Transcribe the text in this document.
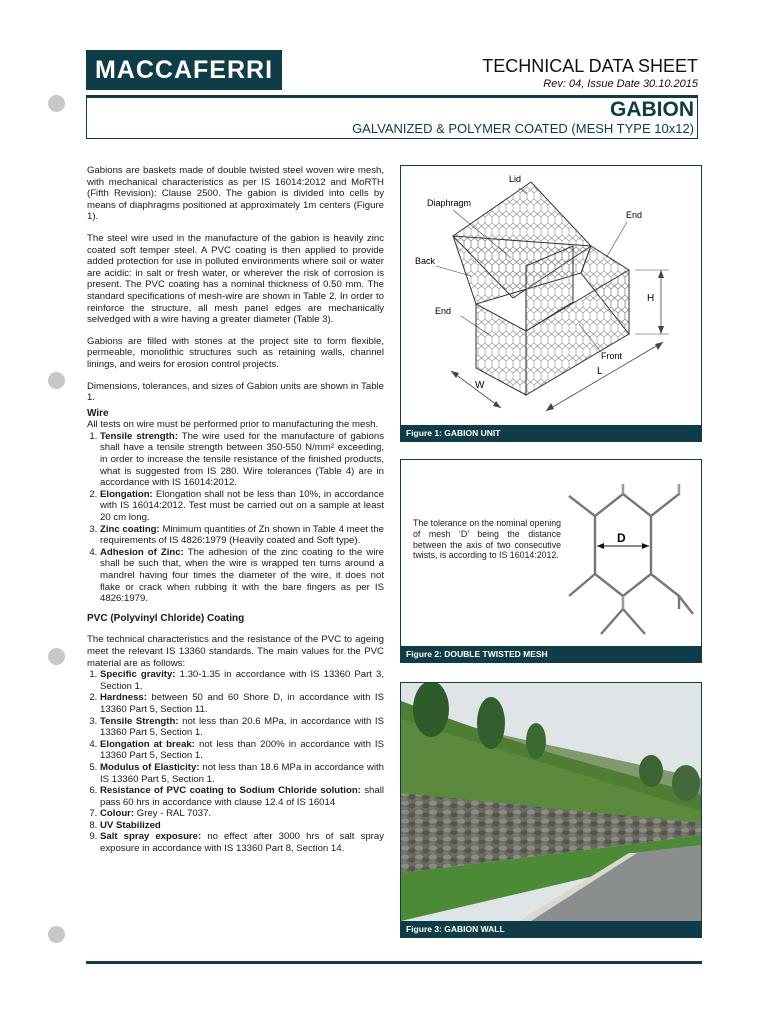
MACCAFERRI	TECHNICAL DATA SHEET
Rev: 04, Issue Date 30.10.2015
GABION
GALVANIZED & POLYMER COATED (MESH TYPE 10x12)

Gabions are baskets made of double twisted steel woven wire mesh, with mechanical characteristics as per IS 16014:2012 and MoRTH (Fifth Revision): Clause 2500. The gabion is divided into cells by means of diaphragms positioned at approximately 1m centers (Figure 1).

The steel wire used in the manufacture of the gabion is heavily zinc coated soft temper steel. A PVC coating is then applied to provide added protection for use in polluted environments where soil or water are acidic: in salt or fresh water, or wherever the risk of corrosion is present. The PVC coating has a nominal thickness of 0.50 mm. The standard specifications of mesh-wire are shown in Table 2. In order to reinforce the structure, all mesh panel edges are mechanically selvedged with a wire having a greater diameter (Table 3).

Gabions are filled with stones at the project site to form flexible, permeable, monolithic structures such as retaining walls, channel linings, and weirs for erosion control projects.

Dimensions, tolerances, and sizes of Gabion units are shown in Table 1.

Wire
All tests on wire must be performed prior to manufacturing the mesh.
1. Tensile strength: The wire used for the manufacture of gabions shall have a tensile strength between 350-550 N/mm² exceeding, in order to increase the tensile resistance of the finished products, what is suggested from IS 280. Wire tolerances (Table 4) are in accordance with IS 16014:2012.
2. Elongation: Elongation shall not be less than 10%, in accordance with IS 16014:2012. Test must be carried out on a sample at least 20 cm long.
3. Zinc coating: Minimum quantities of Zn shown in Table 4 meet the requirements of IS 4826:1979 (Heavily coated and Soft type).
4. Adhesion of Zinc: The adhesion of the zinc coating to the wire shall be such that, when the wire is wrapped ten turns around a mandrel having four times the diameter of the wire, it does not flake or crack when rubbing it with the bare fingers as per IS 4826:1979.
PVC (Polyvinyl Chloride) Coating
The technical characteristics and the resistance of the PVC to ageing meet the relevant IS 13360 standards. The main values for the PVC material are as follows:
1. Specific gravity: 1.30-1.35 in accordance with IS 13360 Part 3, Section 1.
2. Hardness: between 50 and 60 Shore D, in accordance with IS 13360 Part 5, Section 11.
3. Tensile Strength: not less than 20.6 MPa, in accordance with IS 13360 Part 5, Section 1.
4. Elongation at break: not less than 200% in accordance with IS 13360 Part 5, Section 1.
5. Modulus of Elasticity: not less than 18.6 MPa in accordance with IS 13360 Part 5, Section 1.
6. Resistance of PVC coating to Sodium Chloride solution: shall pass 60 hrs in accordance with clause 12.4 of IS 16014
7. Colour: Grey - RAL 7037.
8. UV Stabilized
9. Salt spray exposure: no effect after 3000 hrs of salt spray exposure in accordance with IS 13360 Part 8, Section 14.
Lid
Diaphragm
End
Back
H
End
Front
L
W
Figure 1: GABION UNIT
The tolerance on the nominal opening of mesh ‘D’ being the distance between the axis of two consecutive twists, is according to IS 16014:2012.
D
Figure 2: DOUBLE TWISTED MESH
Figure 3: GABION WALL
